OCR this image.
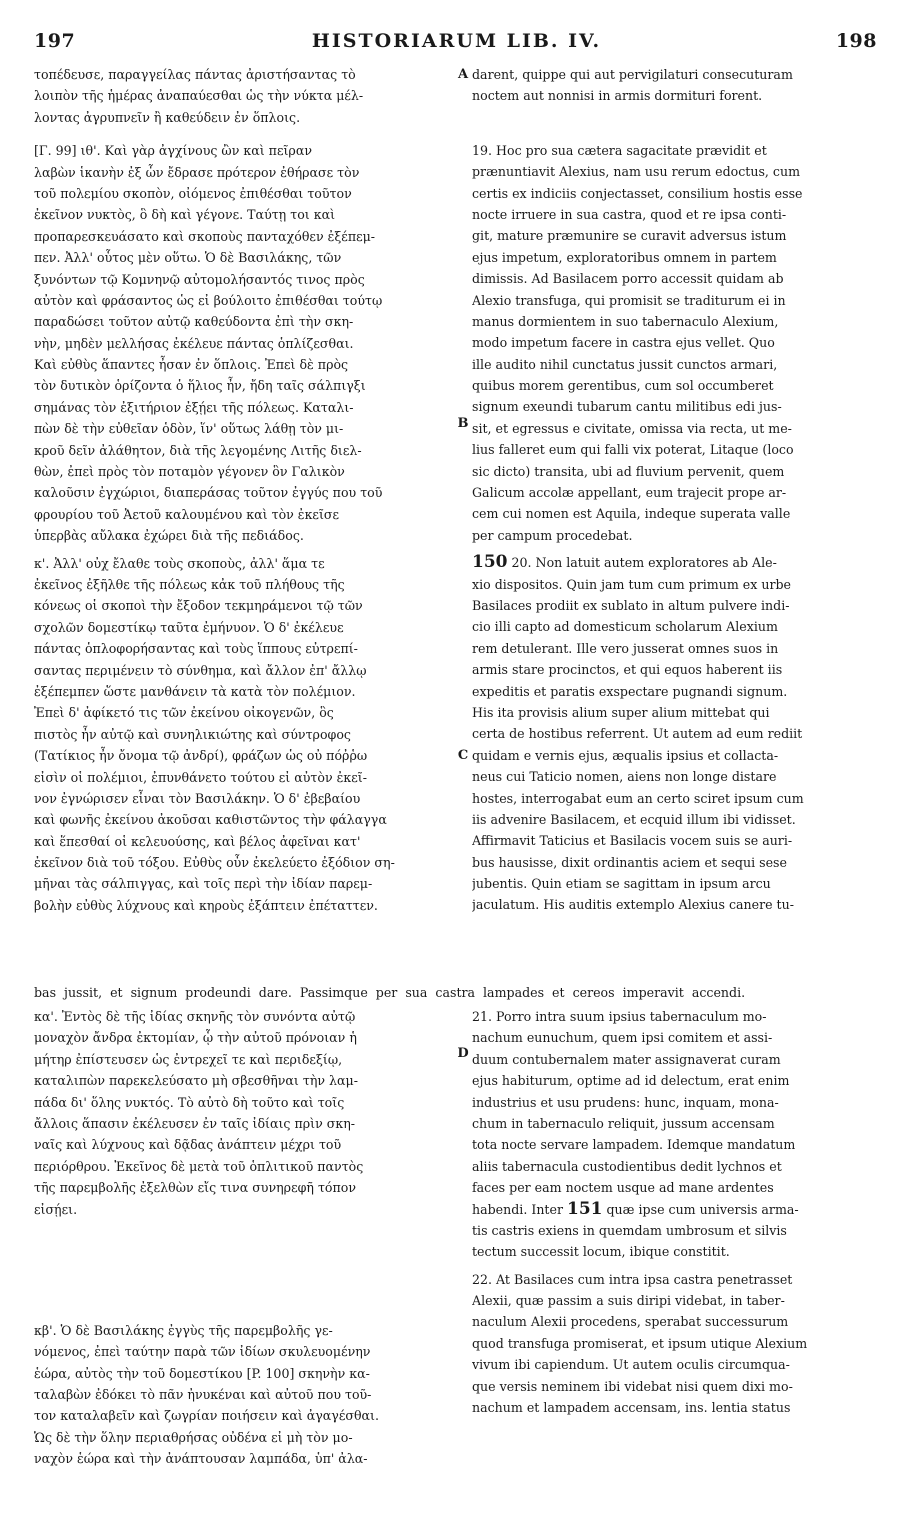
197	HISTORIARUM LIB. IV.	198
A
B
C
D
τοπέδευσε, παραγγείλας πάντας ἀριστήσαντας τὸ
λοιπὸν τῆς ἡμέρας ἀναπαύεσθαι ὡς τὴν νύκτα μέλ-
λοντας ἀγρυπνεῖν ἢ καθεύδειν ἐν ὅπλοις.
[Γ. 99] ιθ'. Καὶ γὰρ ἀγχίνους ὢν καὶ πεῖραν
λαβὼν ἱκανὴν ἐξ ὧν ἔδρασε πρότερον ἐθήρασε τὸν
τοῦ πολεμίου σκοπὸν, οἰόμενος ἐπιθέσθαι τοῦτον
ἐκεῖνον νυκτὸς, ὃ δὴ καὶ γέγονε. Ταύτῃ τοι καὶ
προπαρεσκευάσατο καὶ σκοποὺς πανταχόθεν ἐξέπεμ-
πεν. Ἀλλ' οὗτος μὲν οὕτω. Ὁ δὲ Βασιλάκης, τῶν
ξυνόντων τῷ Κομνηνῷ αὐτομολήσαντός τινος πρὸς
αὐτὸν καὶ φράσαντος ὡς εἰ βούλοιτο ἐπιθέσθαι τούτῳ
παραδώσει τοῦτον αὐτῷ καθεύδοντα ἐπὶ τὴν σκη-
νὴν, μηδὲν μελλήσας ἐκέλευε πάντας ὁπλίζεσθαι.
Καὶ εὐθὺς ἅπαντες ἦσαν ἐν ὅπλοις. Ἐπεὶ δὲ πρὸς
τὸν δυτικὸν ὁρίζοντα ὁ ἥλιος ἦν, ἤδη ταῖς σάλπιγξι
σημάνας τὸν ἐξιτήριον ἐξῄει τῆς πόλεως. Καταλι-
πὼν δὲ τὴν εὐθεῖαν ὁδὸν, ἵν' οὕτως λάθῃ τὸν μι-
κροῦ δεῖν ἀλάθητον, διὰ τῆς λεγομένης Λιτῆς διελ-
θὼν, ἐπεὶ πρὸς τὸν ποταμὸν γέγονεν ὃν Γαλικὸν
καλοῦσιν ἐγχώριοι, διαπεράσας τοῦτον ἐγγύς που τοῦ
φρουρίου τοῦ Ἀετοῦ καλουμένου καὶ τὸν ἐκεῖσε
ὑπερβὰς αὔλακα ἐχώρει διὰ τῆς πεδιάδος.
κ'. Ἀλλ' οὐχ ἔλαθε τοὺς σκοποὺς, ἀλλ' ἅμα τε
ἐκεῖνος ἐξῆλθε τῆς πόλεως κἀκ τοῦ πλήθους τῆς
κόνεως οἱ σκοποὶ τὴν ἔξοδον τεκμηράμενοι τῷ τῶν
σχολῶν δομεστίκῳ ταῦτα ἐμήνυον. Ὁ δ' ἐκέλευε
πάντας ὁπλοφορήσαντας καὶ τοὺς ἵππους εὐτρεπί-
σαντας περιμένειν τὸ σύνθημα, καὶ ἄλλον ἐπ' ἄλλῳ
ἐξέπεμπεν ὥστε μανθάνειν τὰ κατὰ τὸν πολέμιον.
Ἐπεὶ δ' ἀφίκετό τις τῶν ἐκείνου οἰκογενῶν, ὃς
πιστὸς ἦν αὐτῷ καὶ συνηλικιώτης καὶ σύντροφος
(Τατίκιος ἦν ὄνομα τῷ ἀνδρί), φράζων ὡς οὐ πόῤῥω
εἰσὶν οἱ πολέμιοι, ἐπυνθάνετο τούτου εἰ αὐτὸν ἐκεῖ-
νον ἐγνώρισεν εἶναι τὸν Βασιλάκην. Ὁ δ' ἐβεβαίου
καὶ φωνῆς ἐκείνου ἀκοῦσαι καθιστῶντος τὴν φάλαγγα
καὶ ἕπεσθαί οἱ κελευούσης, καὶ βέλος ἀφεῖναι κατ'
ἐκεῖνον διὰ τοῦ τόξου. Εὐθὺς οὖν ἐκελεύετο ἐξόδιον ση-
μῆναι τὰς σάλπιγγας, καὶ τοῖς περὶ τὴν ἰδίαν παρεμ-
βολὴν εὐθὺς λύχνους καὶ κηροὺς ἐξάπτειν ἐπέταττεν.
darent, quippe qui aut pervigilaturi consecuturam
noctem aut nonnisi in armis dormituri forent.
19. Hoc pro sua cætera sagacitate prævidit et
prænuntiavit Alexius, nam usu rerum edoctus, cum
certis ex indiciis conjectasset, consilium hostis esse
nocte irruere in sua castra, quod et re ipsa conti-
git, mature præmunire se curavit adversus istum
ejus impetum, exploratoribus omnem in partem
dimissis. Ad Basilacem porro accessit quidam ab
Alexio transfuga, qui promisit se traditurum ei in
manus dormientem in suo tabernaculo Alexium,
modo impetum facere in castra ejus vellet. Quo
ille audito nihil cunctatus jussit cunctos armari,
quibus morem gerentibus, cum sol occumberet
signum exeundi tubarum cantu militibus edi jus-
sit, et egressus e civitate, omissa via recta, ut me-
lius falleret eum qui falli vix poterat, Litaque (loco
sic dicto) transita, ubi ad fluvium pervenit, quem
Galicum accolæ appellant, eum trajecit prope ar-
cem cui nomen est Aquila, indeque superata valle
per campum procedebat.
150 20. Non latuit autem exploratores ab Ale-
xio dispositos. Quin jam tum cum primum ex urbe
Basilaces prodiit ex sublato in altum pulvere indi-
cio illi capto ad domesticum scholarum Alexium
rem detulerant. Ille vero jusserat omnes suos in
armis stare procinctos, et qui equos haberent iis
expeditis et paratis exspectare pugnandi signum.
His ita provisis alium super alium mittebat qui
certa de hostibus referrent. Ut autem ad eum rediit
quidam e vernis ejus, æqualis ipsius et collacta-
neus cui Taticio nomen, aiens non longe distare
hostes, interrogabat eum an certo sciret ipsum cum
iis advenire Basilacem, et ecquid illum ibi vidisset.
Affirmavit Taticius et Basilacis vocem suis se auri-
bus hausisse, dixit ordinantis aciem et sequi sese
jubentis. Quin etiam se sagittam in ipsum arcu
jaculatum. His auditis extemplo Alexius canere tu-
bas jussit, et signum prodeundi dare. Passimque per sua castra lampades et cereos imperavit accendi.
κα'. Ἐντὸς δὲ τῆς ἰδίας σκηνῆς τὸν συνόντα αὐτῷ
μοναχὸν ἄνδρα ἐκτομίαν, ᾧ τὴν αὐτοῦ πρόνοιαν ἡ
μήτηρ ἐπίστευσεν ὡς ἐντρεχεῖ τε καὶ περιδεξίῳ,
καταλιπὼν παρεκελεύσατο μὴ σβεσθῆναι τὴν λαμ-
πάδα δι' ὅλης νυκτός. Τὸ αὐτὸ δὴ τοῦτο καὶ τοῖς
ἄλλοις ἅπασιν ἐκέλευσεν ἐν ταῖς ἰδίαις πρὶν σκη-
ναῖς καὶ λύχνους καὶ δᾷδας ἀνάπτειν μέχρι τοῦ
περιόρθρου. Ἐκεῖνος δὲ μετὰ τοῦ ὁπλιτικοῦ παντὸς
τῆς παρεμβολῆς ἐξελθὼν εἴς τινα συνηρεφῆ τόπον
εἰσῄει.
κβ'. Ὁ δὲ Βασιλάκης ἐγγὺς τῆς παρεμβολῆς γε-
νόμενος, ἐπεὶ ταύτην παρὰ τῶν ἰδίων σκυλευομένην
ἑώρα, αὐτὸς τὴν τοῦ δομεστίκου [P. 100] σκηνὴν κα-
ταλαβὼν ἐδόκει τὸ πᾶν ἠνυκέναι καὶ αὐτοῦ που τοῦ-
τον καταλαβεῖν καὶ ζωγρίαν ποιήσειν καὶ ἀγαγέσθαι.
Ὡς δὲ τὴν ὅλην περιαθρήσας οὐδένα εἰ μὴ τὸν μο-
ναχὸν ἑώρα καὶ τὴν ἀνάπτουσαν λαμπάδα, ὑπ' ἀλα-
21. Porro intra suum ipsius tabernaculum mo-
nachum eunuchum, quem ipsi comitem et assi-
duum contubernalem mater assignaverat curam
ejus habiturum, optime ad id delectum, erat enim
industrius et usu prudens: hunc, inquam, mona-
chum in tabernaculo reliquit, jussum accensam
tota nocte servare lampadem. Idemque mandatum
aliis tabernacula custodientibus dedit lychnos et
faces per eam noctem usque ad mane ardentes
habendi. Inter 151 quæ ipse cum universis arma-
tis castris exiens in quemdam umbrosum et silvis
tectum successit locum, ibique constitit.
22. At Basilaces cum intra ipsa castra penetrasset
Alexii, quæ passim a suis diripi videbat, in taber-
naculum Alexii procedens, sperabat successurum
quod transfuga promiserat, et ipsum utique Alexium
vivum ibi capiendum. Ut autem oculis circumqua-
que versis neminem ibi videbat nisi quem dixi mo-
nachum et lampadem accensam, ins. lentia status
